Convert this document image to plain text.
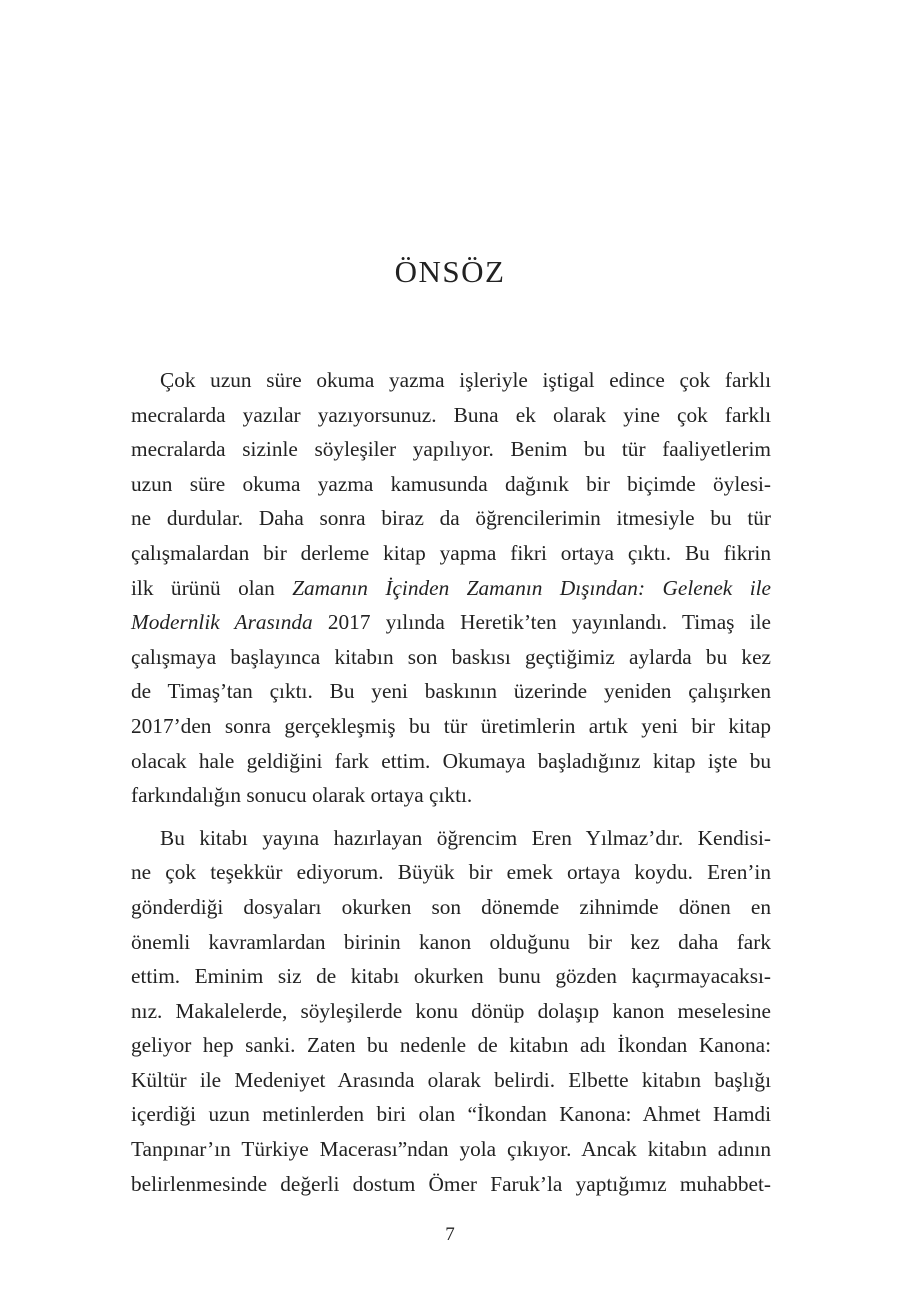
ÖNSÖZ
Çok uzun süre okuma yazma işleriyle iştigal edince çok farklı
mecralarda yazılar yazıyorsunuz. Buna ek olarak yine çok farklı
mecralarda sizinle söyleşiler yapılıyor. Benim bu tür faaliyetlerim
uzun süre okuma yazma kamusunda dağınık bir biçimde öylesi-
ne durdular. Daha sonra biraz da öğrencilerimin itmesiyle bu tür
çalışmalardan bir derleme kitap yapma fikri ortaya çıktı. Bu fikrin
ilk ürünü olan Zamanın İçinden Zamanın Dışından: Gelenek ile
Modernlik Arasında 2017 yılında Heretik’ten yayınlandı. Timaş ile
çalışmaya başlayınca kitabın son baskısı geçtiğimiz aylarda bu kez
de Timaş’tan çıktı. Bu yeni baskının üzerinde yeniden çalışırken
2017’den sonra gerçekleşmiş bu tür üretimlerin artık yeni bir kitap
olacak hale geldiğini fark ettim. Okumaya başladığınız kitap işte bu
farkındalığın sonucu olarak ortaya çıktı.
Bu kitabı yayına hazırlayan öğrencim Eren Yılmaz’dır. Kendisi-
ne çok teşekkür ediyorum. Büyük bir emek ortaya koydu. Eren’in
gönderdiği dosyaları okurken son dönemde zihnimde dönen en
önemli kavramlardan birinin kanon olduğunu bir kez daha fark
ettim. Eminim siz de kitabı okurken bunu gözden kaçırmayacaksı-
nız. Makalelerde, söyleşilerde konu dönüp dolaşıp kanon meselesine
geliyor hep sanki. Zaten bu nedenle de kitabın adı İkondan Kanona:
Kültür ile Medeniyet Arasında olarak belirdi. Elbette kitabın başlığı
içerdiği uzun metinlerden biri olan “İkondan Kanona: Ahmet Hamdi
Tanpınar’ın Türkiye Macerası”ndan yola çıkıyor. Ancak kitabın adının
belirlenmesinde değerli dostum Ömer Faruk’la yaptığımız muhabbet-
7
